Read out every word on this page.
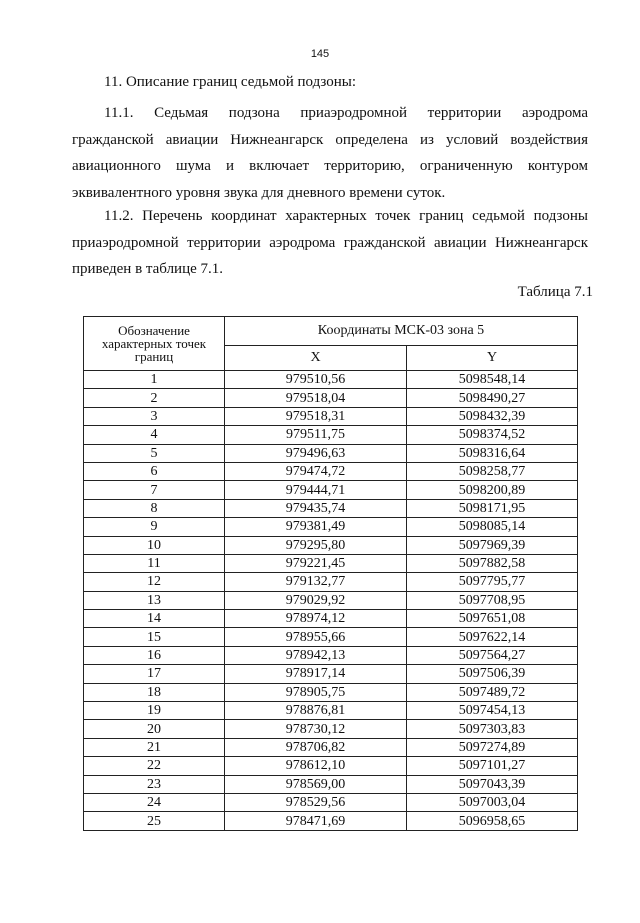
145
11. Описание границ седьмой подзоны:

11.1. Седьмая подзона приаэродромной территории аэродрома гражданской авиации Нижнеангарск определена из условий воздействия авиационного шума и включает территорию, ограниченную контуром эквивалентного уровня звука для дневного времени суток.

11.2. Перечень координат характерных точек границ седьмой подзоны приаэродромной территории аэродрома гражданской авиации Нижнеангарск приведен в таблице 7.1.

Таблица 7.1
Обозначение характерных точек границ	Координаты МСК-03 зона 5	
	X	Y
1	979510,56	5098548,14
2	979518,04	5098490,27
3	979518,31	5098432,39
4	979511,75	5098374,52
5	979496,63	5098316,64
6	979474,72	5098258,77
7	979444,71	5098200,89
8	979435,74	5098171,95
9	979381,49	5098085,14
10	979295,80	5097969,39
11	979221,45	5097882,58
12	979132,77	5097795,77
13	979029,92	5097708,95
14	978974,12	5097651,08
15	978955,66	5097622,14
16	978942,13	5097564,27
17	978917,14	5097506,39
18	978905,75	5097489,72
19	978876,81	5097454,13
20	978730,12	5097303,83
21	978706,82	5097274,89
22	978612,10	5097101,27
23	978569,00	5097043,39
24	978529,56	5097003,04
25	978471,69	5096958,65
